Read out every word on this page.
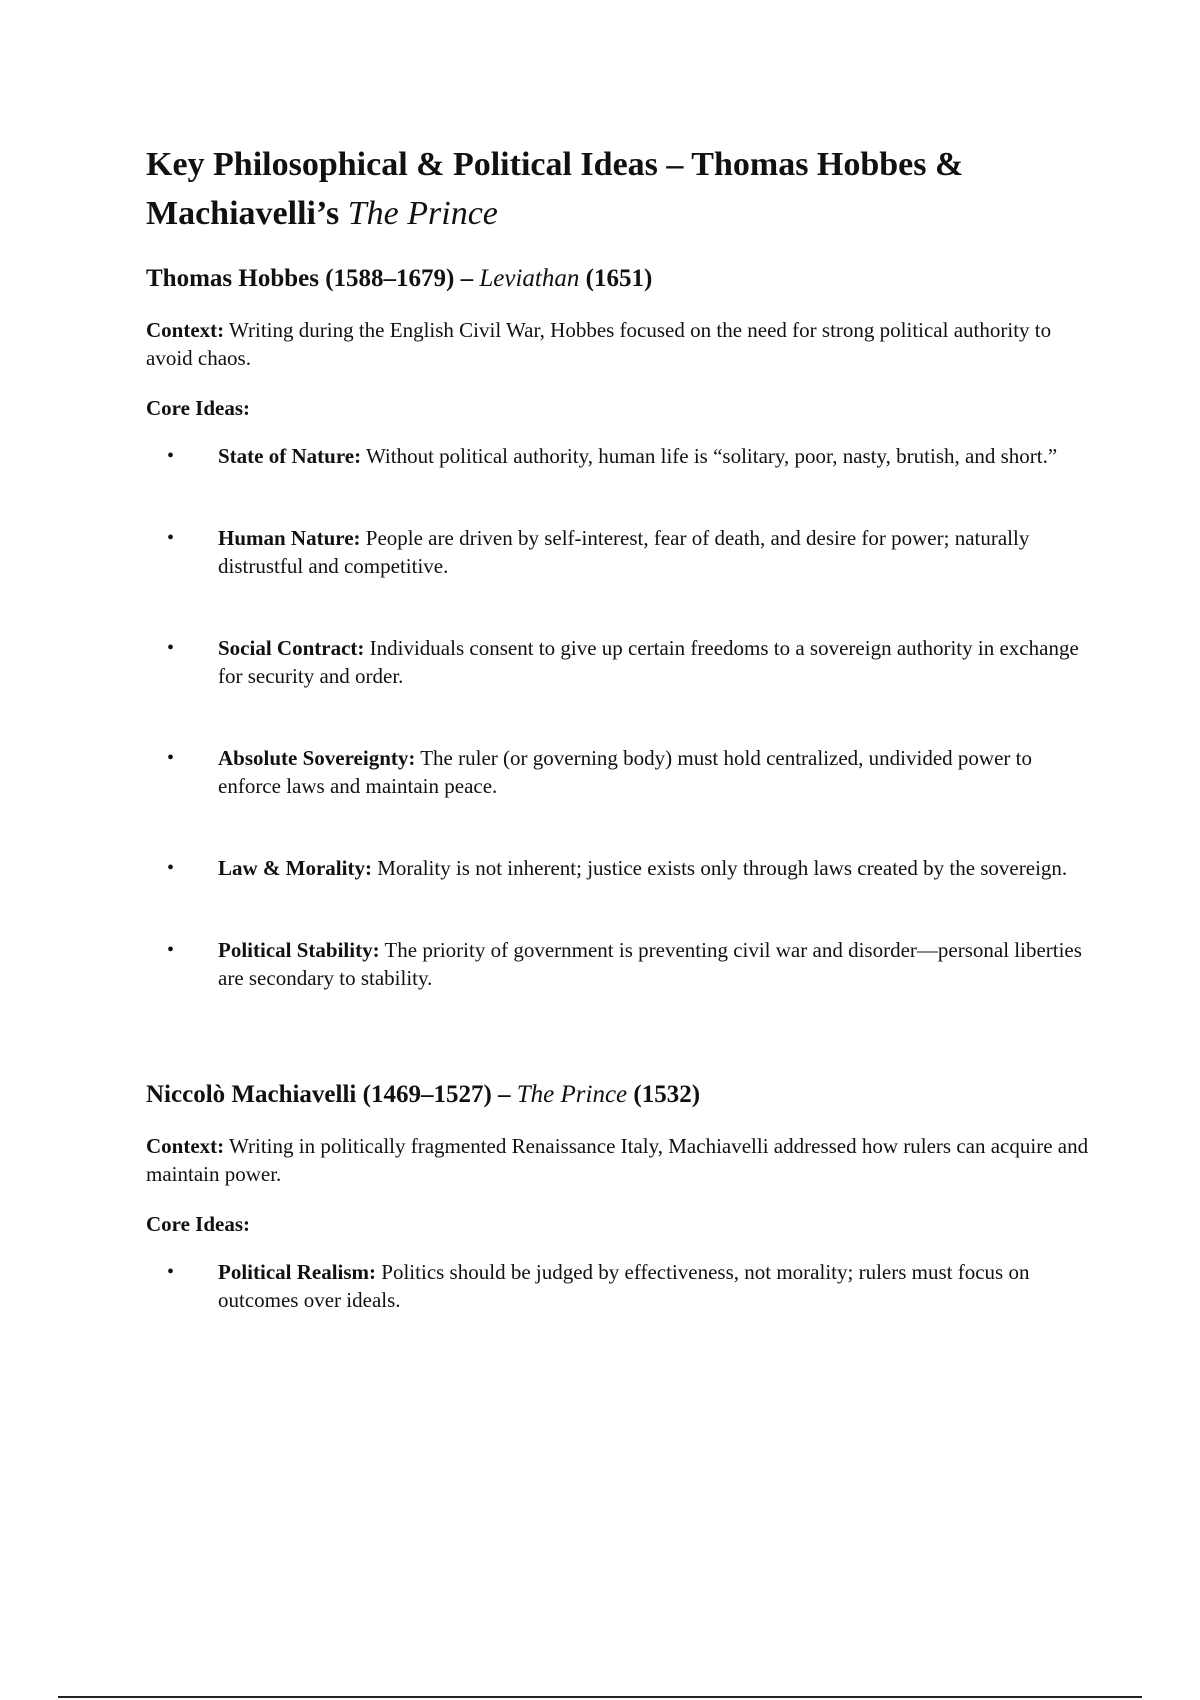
Key Philosophical & Political Ideas – Thomas Hobbes & Machiavelli’s The Prince
Thomas Hobbes (1588–1679) – Leviathan (1651)

Context: Writing during the English Civil War, Hobbes focused on the need for strong political authority to avoid chaos.

Core Ideas:

• State of Nature: Without political authority, human life is “solitary, poor, nasty, brutish, and short.”
• Human Nature: People are driven by self-interest, fear of death, and desire for power; naturally distrustful and competitive.
• Social Contract: Individuals consent to give up certain freedoms to a sovereign authority in exchange for security and order.
• Absolute Sovereignty: The ruler (or governing body) must hold centralized, undivided power to enforce laws and maintain peace.
• Law & Morality: Morality is not inherent; justice exists only through laws created by the sovereign.
• Political Stability: The priority of government is preventing civil war and disorder—personal liberties are secondary to stability.
Niccolò Machiavelli (1469–1527) – The Prince (1532)

Context: Writing in politically fragmented Renaissance Italy, Machiavelli addressed how rulers can acquire and maintain power.

Core Ideas:

• Political Realism: Politics should be judged by effectiveness, not morality; rulers must focus on outcomes over ideals.
